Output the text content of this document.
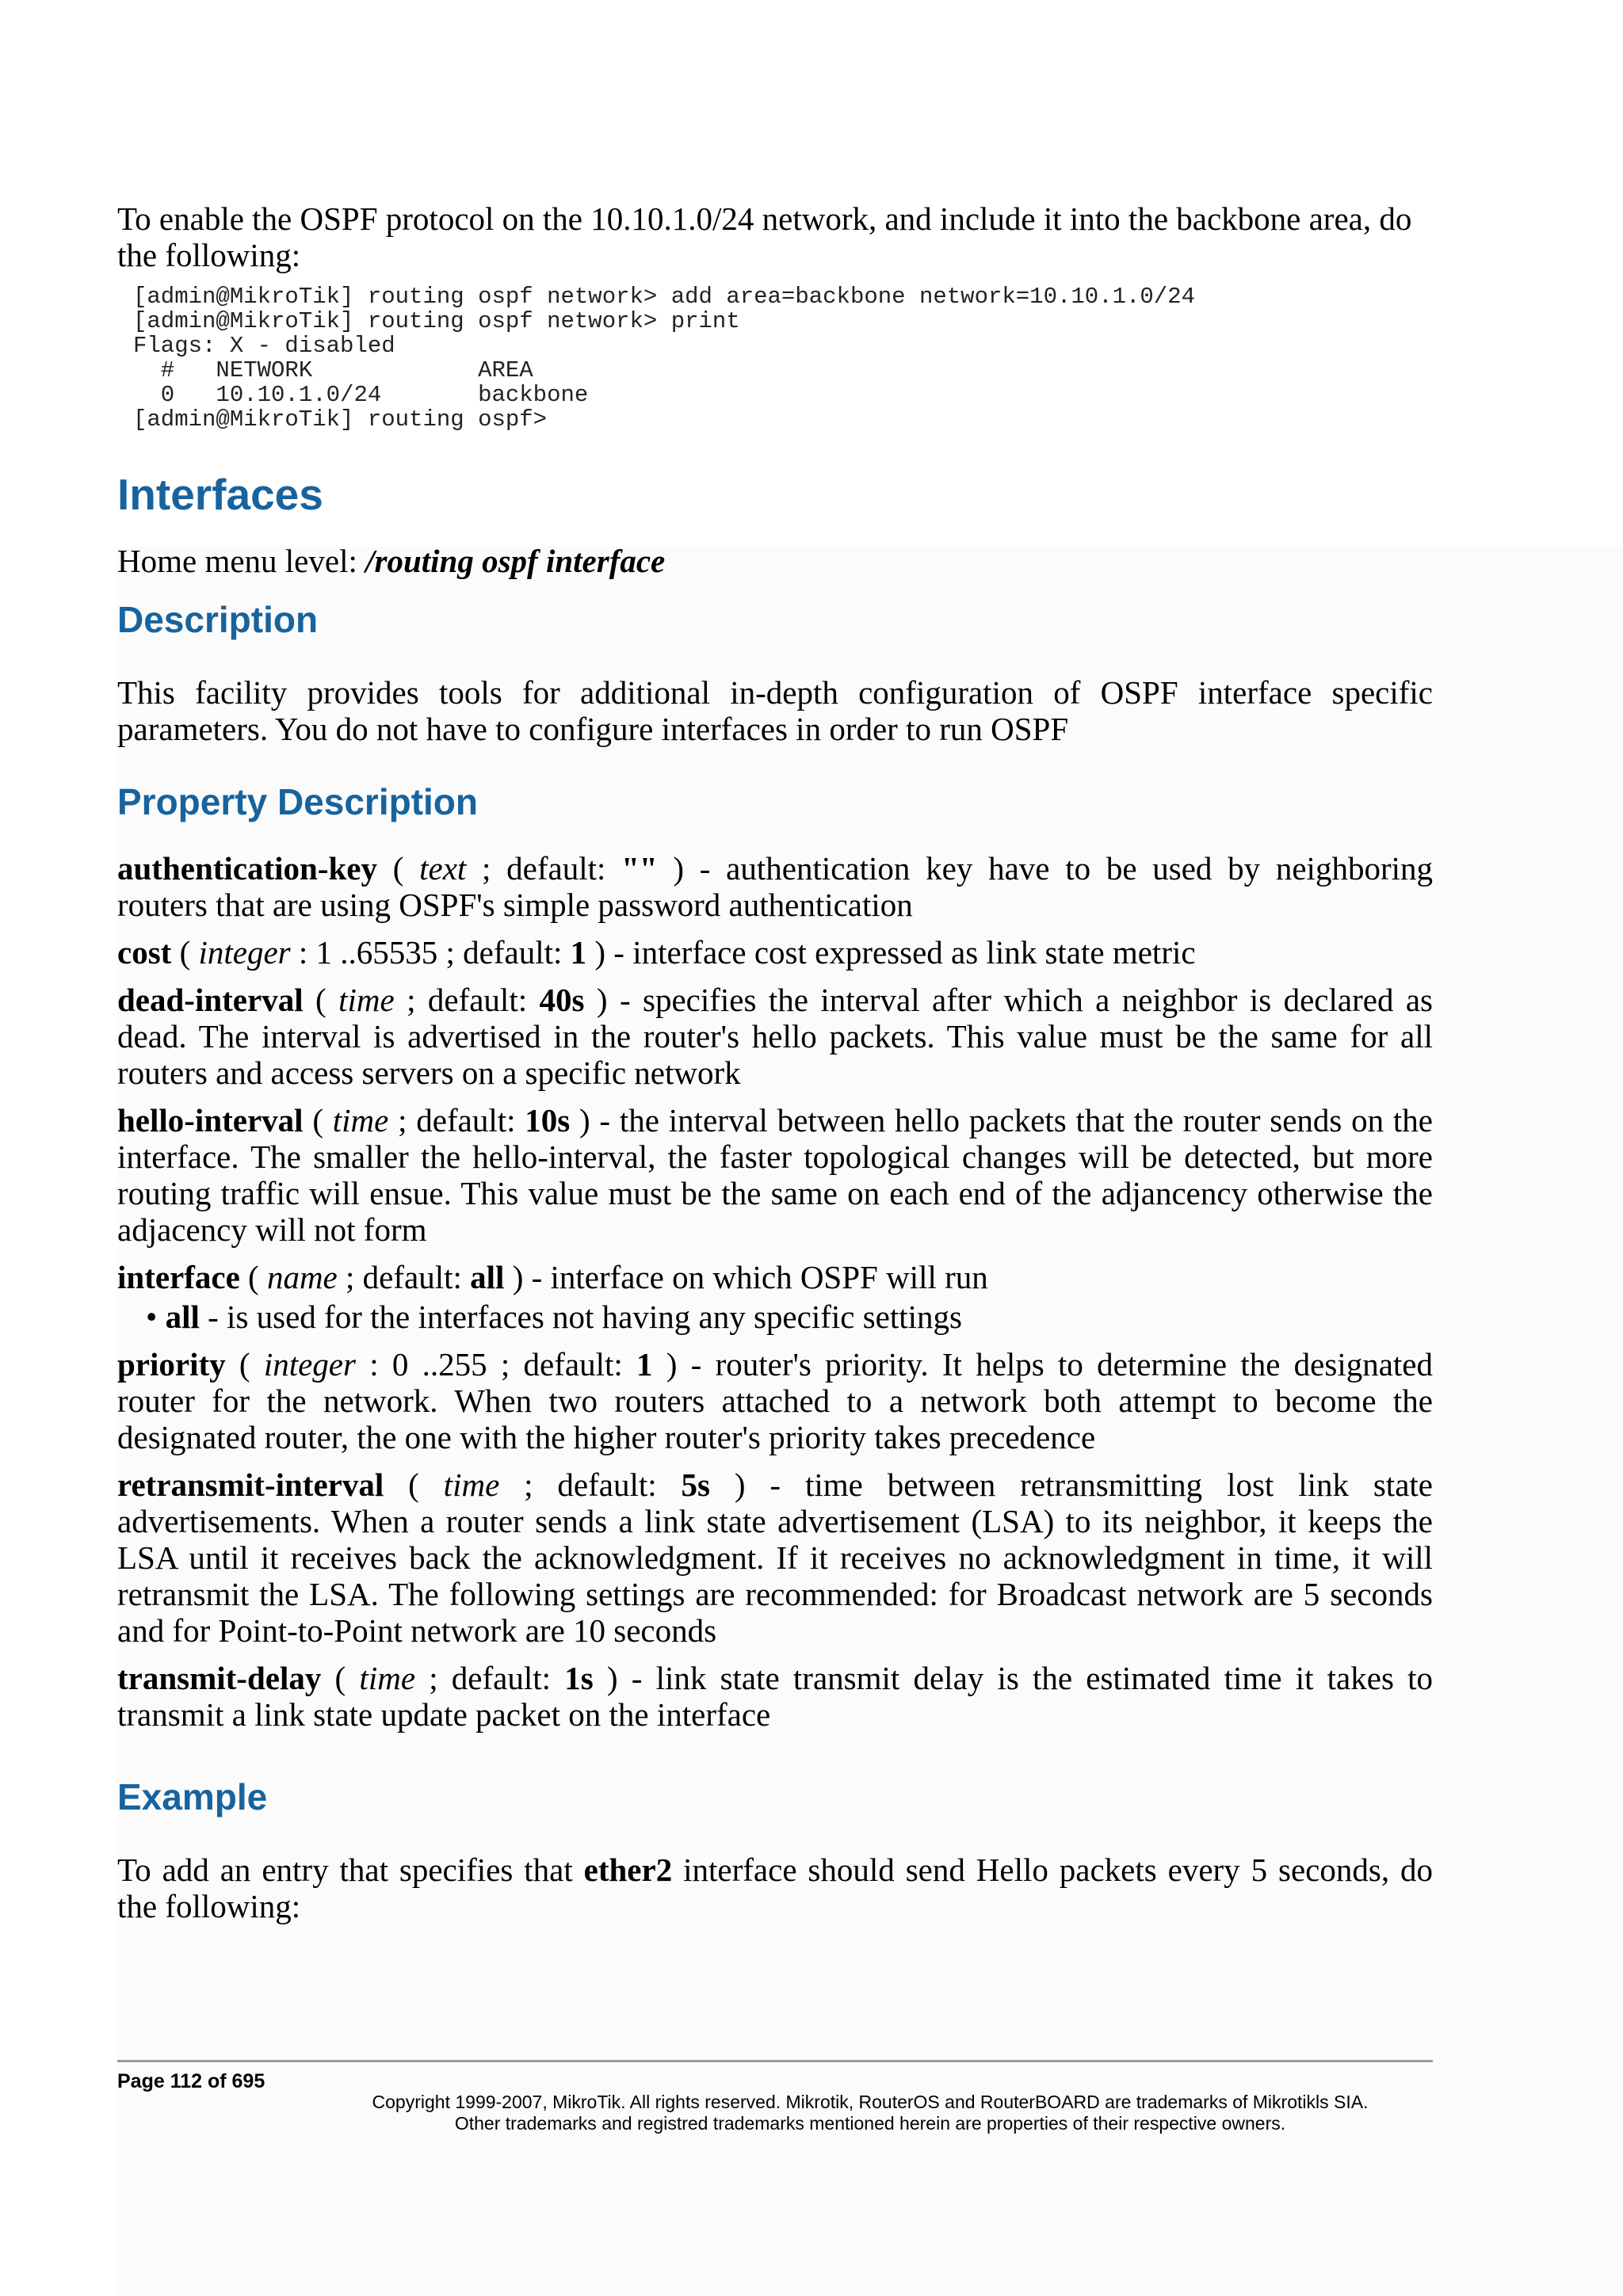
To enable the OSPF protocol on the 10.10.1.0/24 network, and include it into the backbone area, do

the following:

[admin@MikroTik] routing ospf network> add area=backbone network=10.10.1.0/24
[admin@MikroTik] routing ospf network> print
Flags: X - disabled
#   NETWORK            AREA
0   10.10.1.0/24       backbone
[admin@MikroTik] routing ospf>
Interfaces

Home menu level: /routing ospf interface

Description

This facility provides tools for additional in-depth configuration of OSPF interface specific

parameters. You do not have to configure interfaces in order to run OSPF

Property Description

authentication-key ( text ; default: "" ) - authentication key have to be used by neighboring

routers that are using OSPF's simple password authentication

cost ( integer : 1 ..65535 ; default: 1 ) - interface cost expressed as link state metric

dead-interval ( time ; default: 40s ) - specifies the interval after which a neighbor is declared as

dead. The interval is advertised in the router's hello packets. This value must be the same for all

routers and access servers on a specific network

hello-interval ( time ; default: 10s ) - the interval between hello packets that the router sends on the

interface. The smaller the hello-interval, the faster topological changes will be detected, but more

routing traffic will ensue. This value must be the same on each end of the adjancency otherwise the

adjacency will not form

interface ( name ; default: all ) - interface on which OSPF will run

• all - is used for the interfaces not having any specific settings

priority ( integer : 0 ..255 ; default: 1 ) - router's priority. It helps to determine the designated

router for the network. When two routers attached to a network both attempt to become the

designated router, the one with the higher router's priority takes precedence

retransmit-interval ( time ; default: 5s ) - time between retransmitting lost link state

advertisements. When a router sends a link state advertisement (LSA) to its neighbor, it keeps the

LSA until it receives back the acknowledgment. If it receives no acknowledgment in time, it will

retransmit the LSA. The following settings are recommended: for Broadcast network are 5 seconds

and for Point-to-Point network are 10 seconds

transmit-delay ( time ; default: 1s ) - link state transmit delay is the estimated time it takes to

transmit a link state update packet on the interface

Example

To add an entry that specifies that ether2 interface should send Hello packets every 5 seconds, do

the following:

Page 112 of 695
Copyright 1999-2007, MikroTik. All rights reserved. Mikrotik, RouterOS and RouterBOARD are trademarks of Mikrotikls SIA.
Other trademarks and registred trademarks mentioned herein are properties of their respective owners.
